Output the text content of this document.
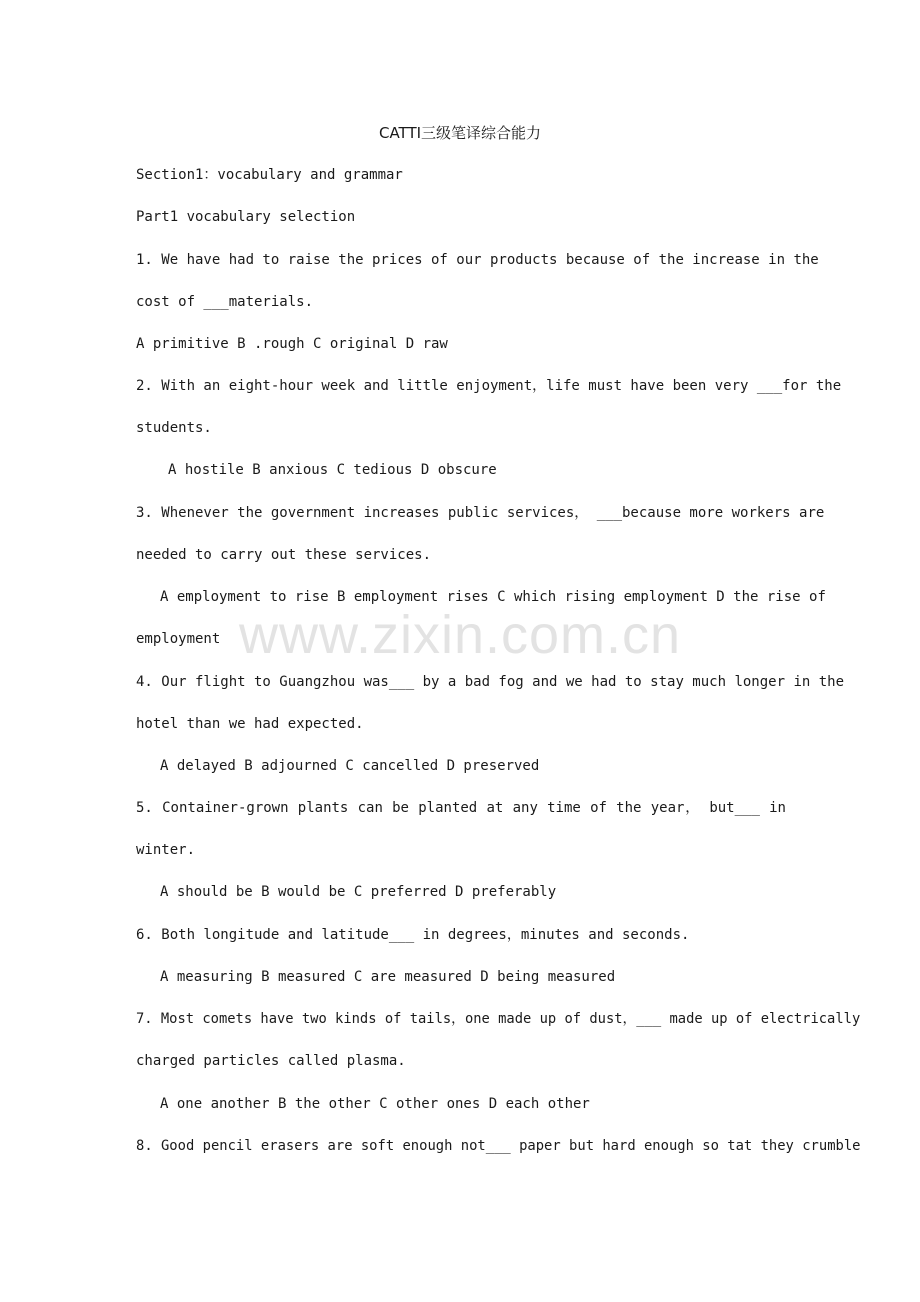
www.zixin.com.cn
CATTI三级笔译综合能力
Section1：vocabulary and grammar
Part1 vocabulary selection
1. We have had to raise the prices of our products because of the increase in the
cost of ___materials.
A primitive B .rough C original D raw
2. With an eight-hour week and little enjoyment，life must have been very ___for the
students.
A hostile B anxious C tedious D obscure
3. Whenever the government increases public services， ___because more workers are
needed to carry out these services.
A employment to rise B employment rises C which rising employment D the rise of
employment
4. Our flight to Guangzhou was___ by a bad fog and we had to stay much longer in the
hotel than we had expected.
A delayed B adjourned C cancelled D preserved
5. Container-grown plants can be planted at any time of the year， but___ in
winter.
A should be B would be C preferred D preferably
6. Both longitude and latitude___ in degrees，minutes and seconds.
A measuring B measured C are measured D being measured
7. Most comets have two kinds of tails，one made up of dust，___ made up of electrically
charged particles called plasma.
A one another B the other C other ones D each other
8. Good pencil erasers are soft enough not___ paper but hard enough so tat they crumble
